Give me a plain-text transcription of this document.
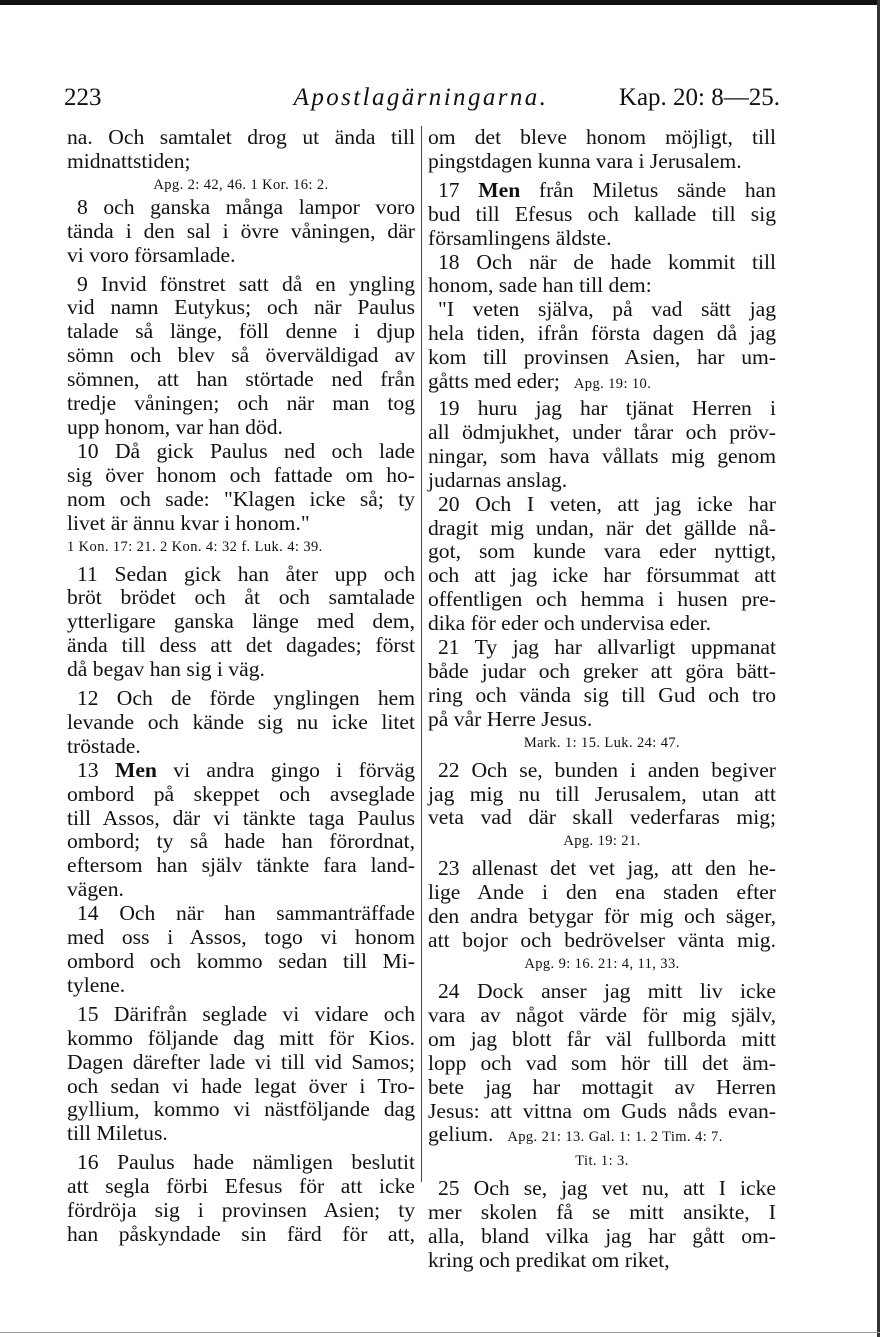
223	Apostlagärningarna.	Kap. 20: 8—25.
na. Och samtalet drog ut ända till
midnattstiden;
Apg. 2: 42, 46. 1 Kor. 16: 2.
8 och ganska många lampor voro
tända i den sal i övre våningen, där
vi voro församlade.
9 Invid fönstret satt då en yngling
vid namn Eutykus; och när Paulus
talade så länge, föll denne i djup
sömn och blev så överväldigad av
sömnen, att han störtade ned från
tredje våningen; och när man tog
upp honom, var han död.
10 Då gick Paulus ned och lade
sig över honom och fattade om ho-
nom och sade: "Klagen icke så; ty
livet är ännu kvar i honom."
1 Kon. 17: 21. 2 Kon. 4: 32 f. Luk. 4: 39.
11 Sedan gick han åter upp och
bröt brödet och åt och samtalade
ytterligare ganska länge med dem,
ända till dess att det dagades; först
då begav han sig i väg.
12 Och de förde ynglingen hem
levande och kände sig nu icke litet
tröstade.
13 Men vi andra gingo i förväg
ombord på skeppet och avseglade
till Assos, där vi tänkte taga Paulus
ombord; ty så hade han förordnat,
eftersom han själv tänkte fara land-
vägen.
14 Och när han sammanträffade
med oss i Assos, togo vi honom
ombord och kommo sedan till Mi-
tylene.
15 Därifrån seglade vi vidare och
kommo följande dag mitt för Kios.
Dagen därefter lade vi till vid Samos;
och sedan vi hade legat över i Tro-
gyllium, kommo vi nästföljande dag
till Miletus.
16 Paulus hade nämligen beslutit
att segla förbi Efesus för att icke
fördröja sig i provinsen Asien; ty
han påskyndade sin färd för att,
om det bleve honom möjligt, till
pingstdagen kunna vara i Jerusalem.
17 Men från Miletus sände han
bud till Efesus och kallade till sig
församlingens äldste.
18 Och när de hade kommit till
honom, sade han till dem:
"I veten själva, på vad sätt jag
hela tiden, ifrån första dagen då jag
kom till provinsen Asien, har um-
gåtts med eder; Apg. 19: 10.
19 huru jag har tjänat Herren i
all ödmjukhet, under tårar och pröv-
ningar, som hava vållats mig genom
judarnas anslag.
20 Och I veten, att jag icke har
dragit mig undan, när det gällde nå-
got, som kunde vara eder nyttigt,
och att jag icke har försummat att
offentligen och hemma i husen pre-
dika för eder och undervisa eder.
21 Ty jag har allvarligt uppmanat
både judar och greker att göra bätt-
ring och vända sig till Gud och tro
på vår Herre Jesus.
Mark. 1: 15. Luk. 24: 47.
22 Och se, bunden i anden begiver
jag mig nu till Jerusalem, utan att
veta vad där skall vederfaras mig;
Apg. 19: 21.
23 allenast det vet jag, att den he-
lige Ande i den ena staden efter
den andra betygar för mig och säger,
att bojor och bedrövelser vänta mig.
Apg. 9: 16. 21: 4, 11, 33.
24 Dock anser jag mitt liv icke
vara av något värde för mig själv,
om jag blott får väl fullborda mitt
lopp och vad som hör till det äm-
bete jag har mottagit av Herren
Jesus: att vittna om Guds nåds evan-
gelium. Apg. 21: 13. Gal. 1: 1. 2 Tim. 4: 7.
Tit. 1: 3.
25 Och se, jag vet nu, att I icke
mer skolen få se mitt ansikte, I
alla, bland vilka jag har gått om-
kring och predikat om riket,
